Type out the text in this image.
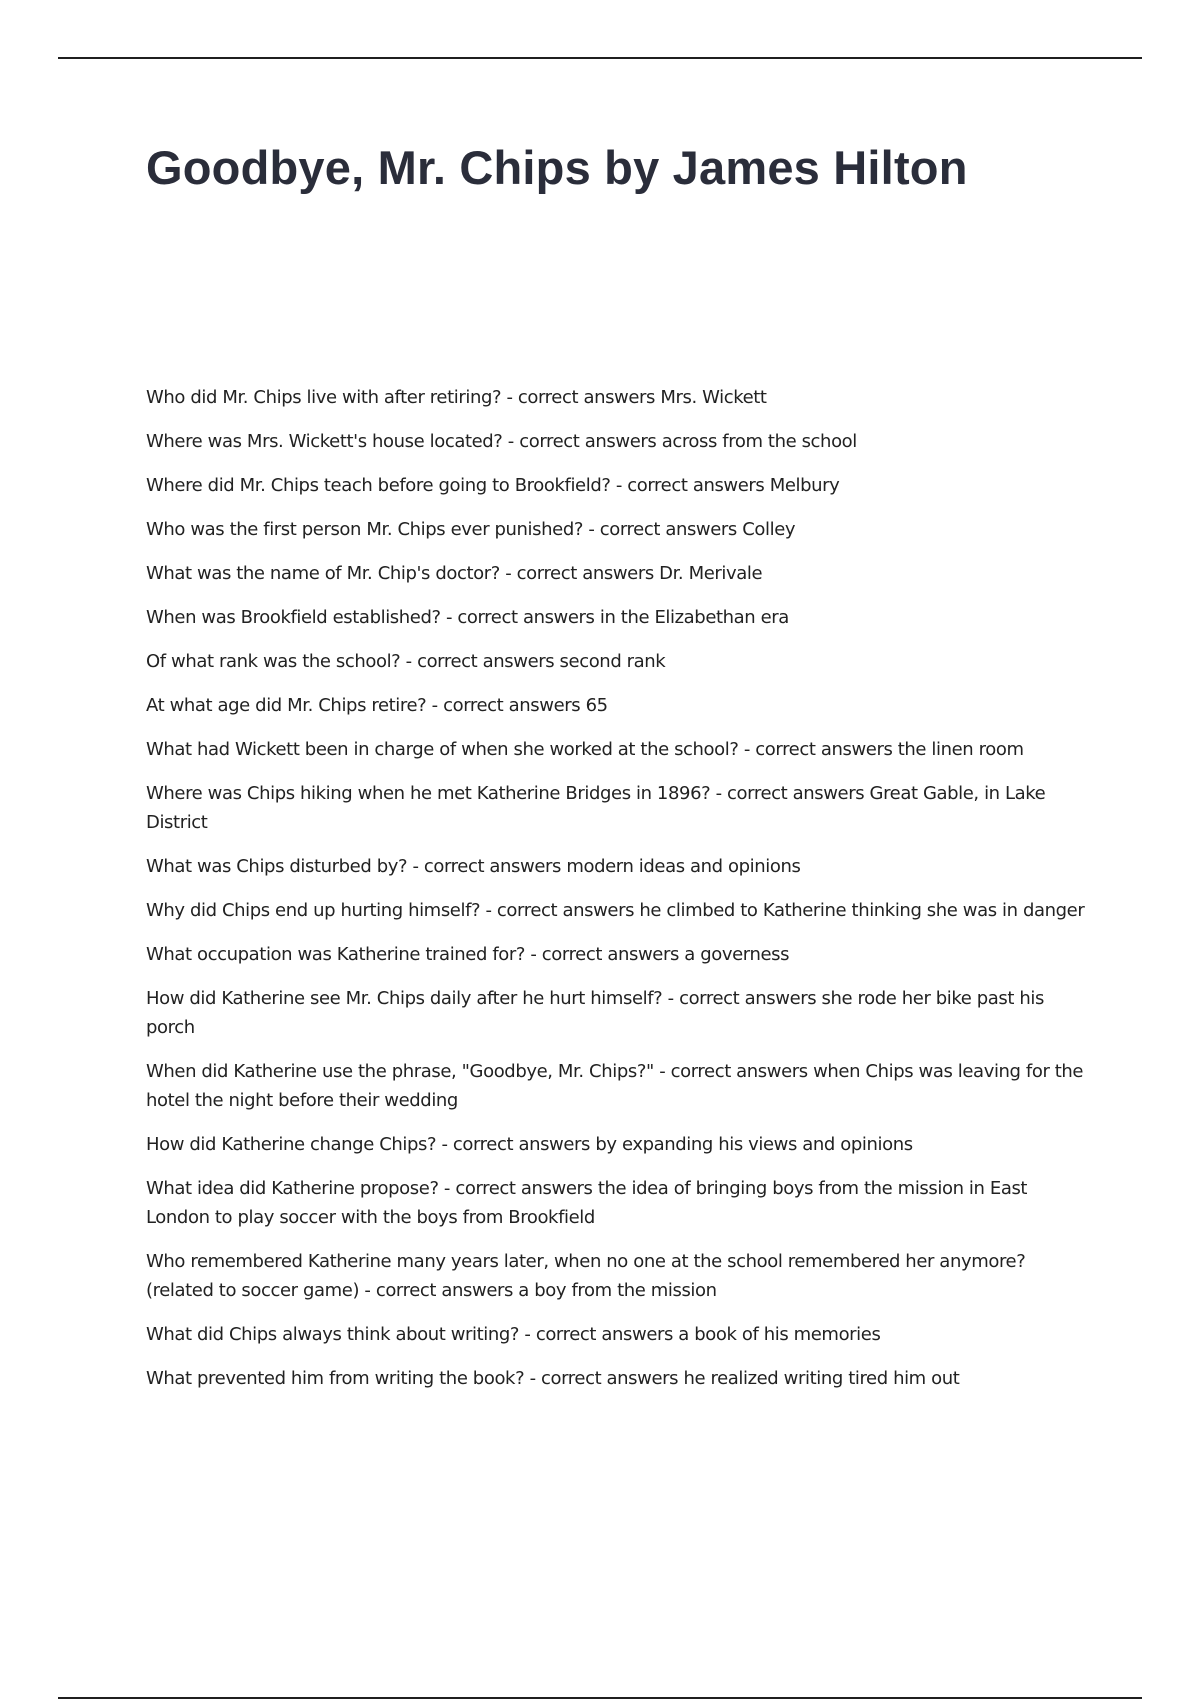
Goodbye, Mr. Chips by James Hilton
Who did Mr. Chips live with after retiring? - correct answers Mrs. Wickett
Where was Mrs. Wickett's house located? - correct answers across from the school
Where did Mr. Chips teach before going to Brookfield? - correct answers Melbury
Who was the first person Mr. Chips ever punished? - correct answers Colley
What was the name of Mr. Chip's doctor? - correct answers Dr. Merivale
When was Brookfield established? - correct answers in the Elizabethan era
Of what rank was the school? - correct answers second rank
At what age did Mr. Chips retire? - correct answers 65
What had Wickett been in charge of when she worked at the school? - correct answers the linen room
Where was Chips hiking when he met Katherine Bridges in 1896? - correct answers Great Gable, in Lake District
What was Chips disturbed by? - correct answers modern ideas and opinions
Why did Chips end up hurting himself? - correct answers he climbed to Katherine thinking she was in danger
What occupation was Katherine trained for? - correct answers a governess
How did Katherine see Mr. Chips daily after he hurt himself? - correct answers she rode her bike past his porch
When did Katherine use the phrase, "Goodbye, Mr. Chips?" - correct answers when Chips was leaving for the hotel the night before their wedding
How did Katherine change Chips? - correct answers by expanding his views and opinions
What idea did Katherine propose? - correct answers the idea of bringing boys from the mission in East London to play soccer with the boys from Brookfield
Who remembered Katherine many years later, when no one at the school remembered her anymore? (related to soccer game) - correct answers a boy from the mission
What did Chips always think about writing? - correct answers a book of his memories
What prevented him from writing the book? - correct answers he realized writing tired him out
